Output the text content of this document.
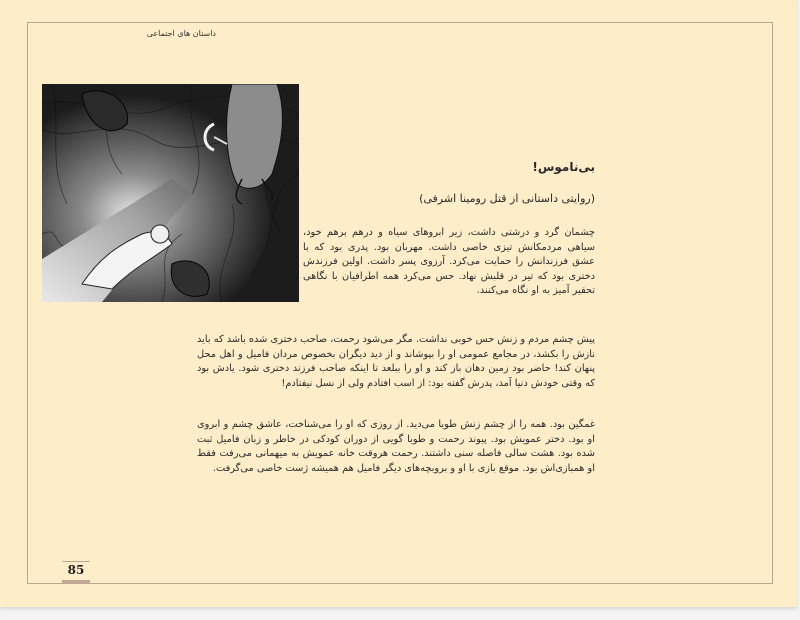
داستان های اجتماعی
بی‌ناموس!
(روایتی داستانی از قتل رومینا اشرفی)

چشمان گرد و درشتی داشت، زیر ابروهای سیاه و درهم برهم خود، سیاهی مردمکانش تیزی خاصی داشت. مهربان بود. پدری بود که با عشق فرزندانش را حمایت می‌کرد. آرزوی پسر داشت. اولین فرزندش دختری بود که تیر در قلبش نهاد. حس می‌کرد همه اطرافیان با نگاهی تحقیر آمیز به او نگاه می‌کنند.

پیش چشم مردم و زنش حس خوبی نداشت. مگر می‌شود رحمت، صاحب دختری شده باشد که باید نازش را بکشد، در مجامع عمومی او را بپوشاند و از دید دیگران بخصوص مردان فامیل و اهل محل پنهان کند! حاضر بود زمین دهان باز کند و او را ببلعد تا اینکه صاحب فرزند دختری شود. یادش بود که وقتی خودش دنیا آمد، پدرش گفته بود: از اسب افتادم ولی از نسل نیفتادم!

غمگین بود. همه را از چشم زنش طوبا می‌دید. از روزی که او را می‌شناخت، عاشق چشم و ابروی او بود. دختر عمویش بود. پیوند رحمت و طوبا گویی از دوران کودکی در خاطر و زبان فامیل ثبت شده بود. هشت سالی فاصله سنی داشتند. رحمت هروقت خانه عمویش به میهمانی می‌رفت فقط او همبازی‌اش بود. موقع بازی با او و بروبچه‌های دیگر فامیل هم همیشه ژست خاصی می‌گرفت.

85
